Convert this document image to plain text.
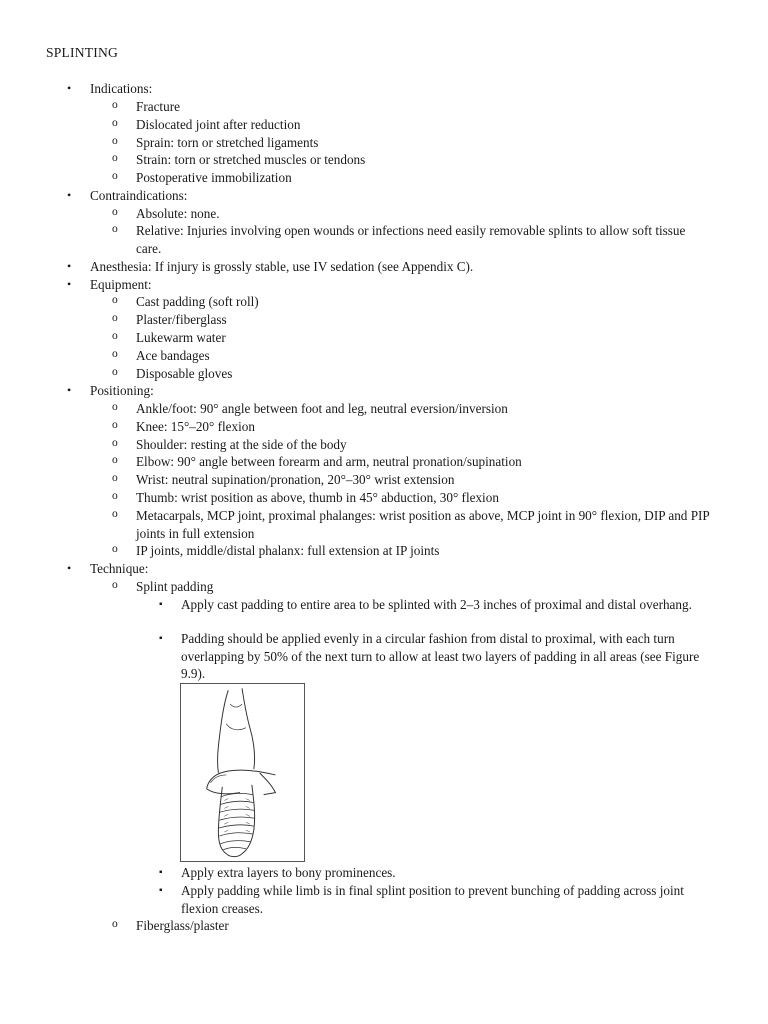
SPLINTING
• Indications:
o Fracture
o Dislocated joint after reduction
o Sprain: torn or stretched ligaments
o Strain: torn or stretched muscles or tendons
o Postoperative immobilization
• Contraindications:
o Absolute: none.
o Relative: Injuries involving open wounds or infections need easily removable splints to allow soft tissue care.
• Anesthesia: If injury is grossly stable, use IV sedation (see Appendix C).
• Equipment:
o Cast padding (soft roll)
o Plaster/fiberglass
o Lukewarm water
o Ace bandages
o Disposable gloves
• Positioning:
o Ankle/foot: 90° angle between foot and leg, neutral eversion/inversion
o Knee: 15°–20° flexion
o Shoulder: resting at the side of the body
o Elbow: 90° angle between forearm and arm, neutral pronation/supination
o Wrist: neutral supination/pronation, 20°–30° wrist extension
o Thumb: wrist position as above, thumb in 45° abduction, 30° flexion
o Metacarpals, MCP joint, proximal phalanges: wrist position as above, MCP joint in 90° flexion, DIP and PIP joints in full extension
o IP joints, middle/distal phalanx: full extension at IP joints
• Technique:
o Splint padding
▪ Apply cast padding to entire area to be splinted with 2–3 inches of proximal and distal overhang.
▪ Padding should be applied evenly in a circular fashion from distal to proximal, with each turn overlapping by 50% of the next turn to allow at least two layers of padding in all areas (see Figure 9.9).
▪ Apply extra layers to bony prominences.
▪ Apply padding while limb is in final splint position to prevent bunching of padding across joint flexion creases.
o Fiberglass/plaster
